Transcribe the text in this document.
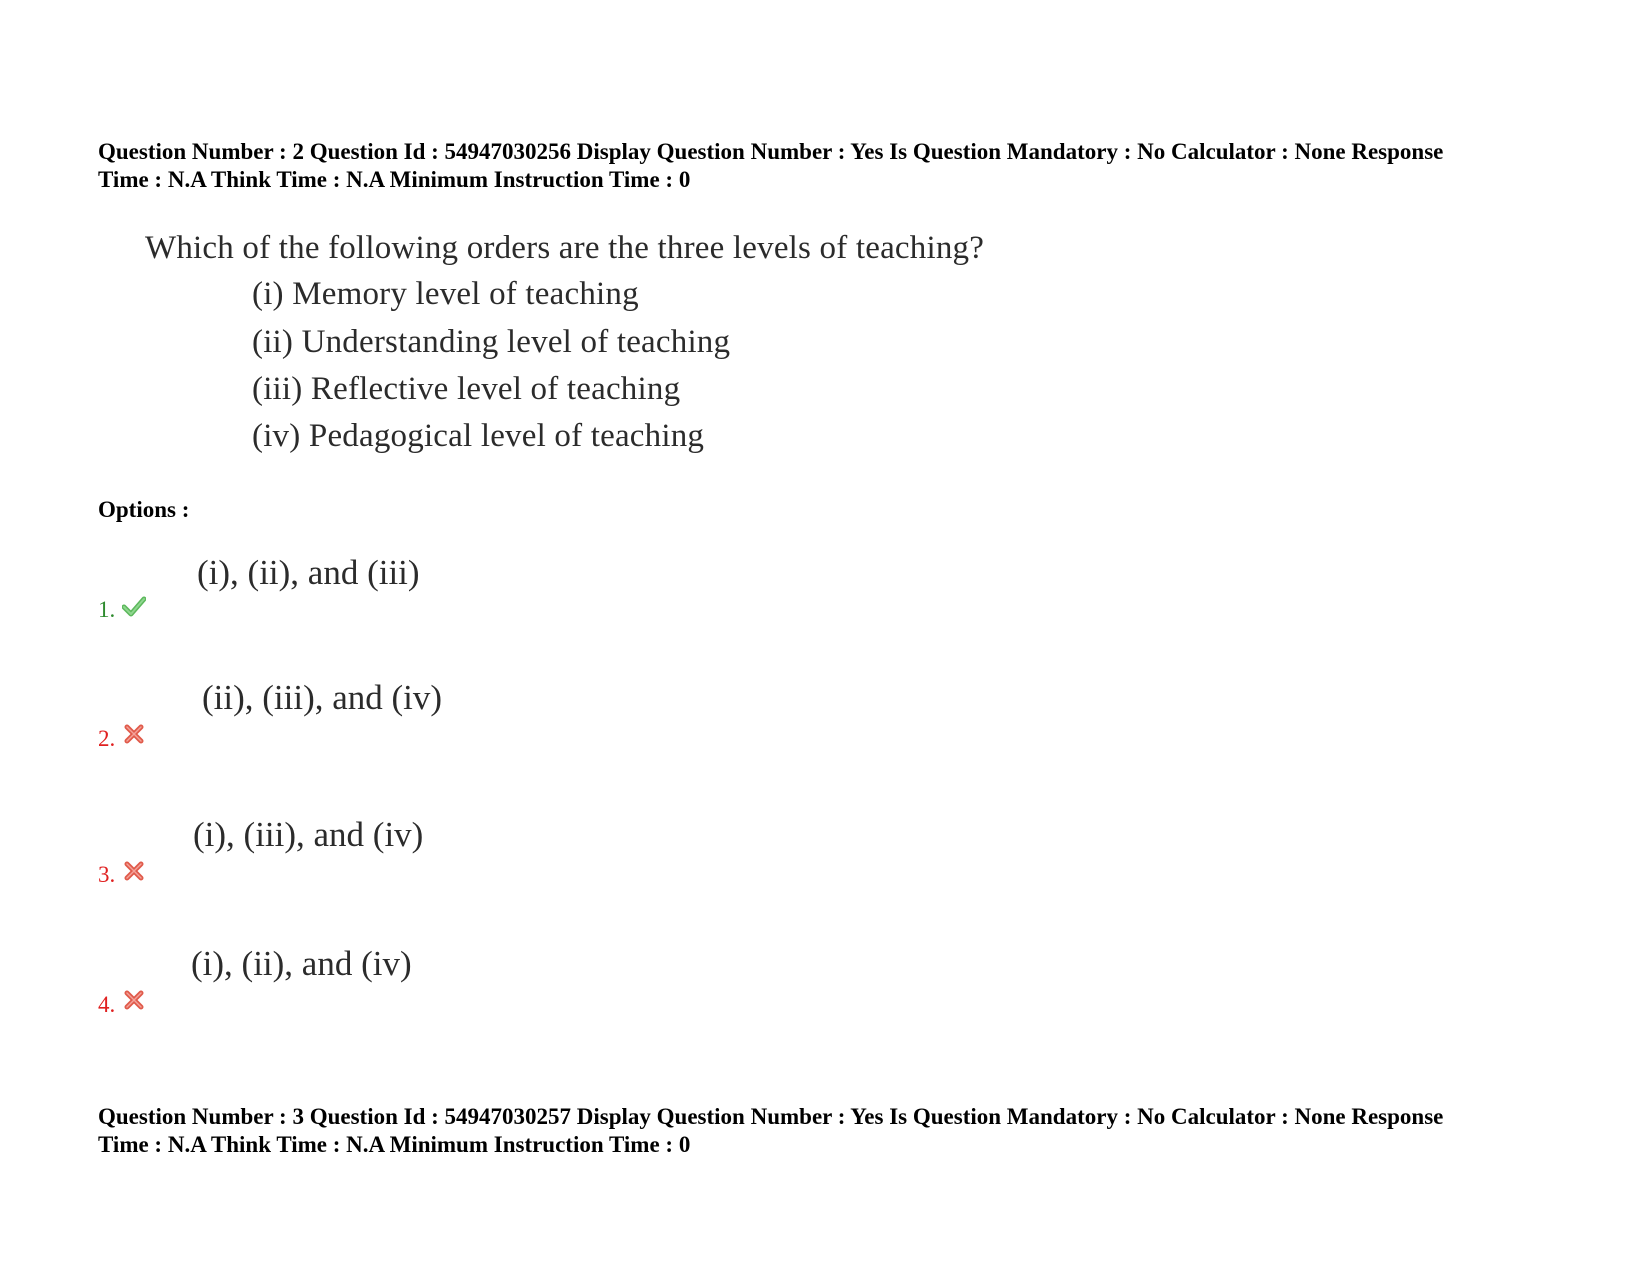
Question Number : 2 Question Id : 54947030256 Display Question Number : Yes Is Question Mandatory : No Calculator : None Response

Time : N.A Think Time : N.A Minimum Instruction Time : 0

Which of the following orders are the three levels of teaching?
(i) Memory level of teaching
(ii) Understanding level of teaching
(iii) Reflective level of teaching
(iv) Pedagogical level of teaching
Options :
(i), (ii), and (iii)
1.
(ii), (iii), and (iv)
2.
(i), (iii), and (iv)
3.
(i), (ii), and (iv)
4.

Question Number : 3 Question Id : 54947030257 Display Question Number : Yes Is Question Mandatory : No Calculator : None Response

Time : N.A Think Time : N.A Minimum Instruction Time : 0
